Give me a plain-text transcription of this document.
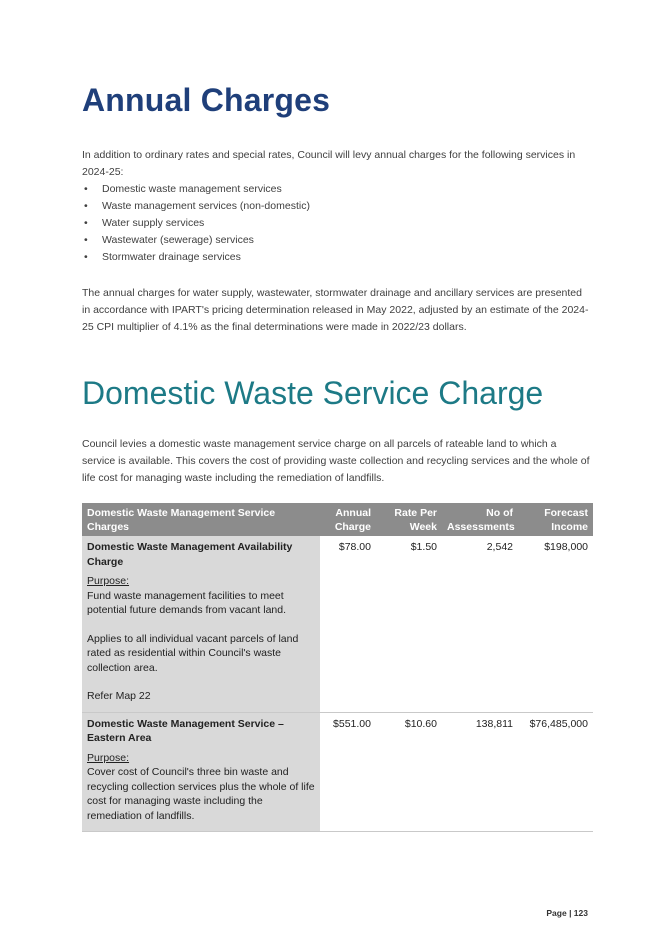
Annual Charges

In addition to ordinary rates and special rates, Council will levy annual charges for the following services in 2024-25:

• Domestic waste management services
• Waste management services (non-domestic)
• Water supply services
• Wastewater (sewerage) services
• Stormwater drainage services

The annual charges for water supply, wastewater, stormwater drainage and ancillary services are presented in accordance with IPART's pricing determination released in May 2022, adjusted by an estimate of the 2024-25 CPI multiplier of 4.1% as the final determinations were made in 2022/23 dollars.

Domestic Waste Service Charge

Council levies a domestic waste management service charge on all parcels of rateable land to which a service is available. This covers the cost of providing waste collection and recycling services and the whole of life cost for managing waste including the remediation of landfills.

Domestic Waste Management Service Charges	Annual Charge	Rate Per Week	No of Assessments	Forecast Income

Domestic Waste Management Availability Charge
Purpose:
Fund waste management facilities to meet potential future demands from vacant land.
Applies to all individual vacant parcels of land rated as residential within Council's waste collection area.
Refer Map 22	$78.00	$1.50	2,542	$198,000

Domestic Waste Management Service – Eastern Area
Purpose:
Cover cost of Council's three bin waste and recycling collection services plus the whole of life cost for managing waste including the remediation of landfills.	$551.00	$10.60	138,811	$76,485,000
Page | 123
